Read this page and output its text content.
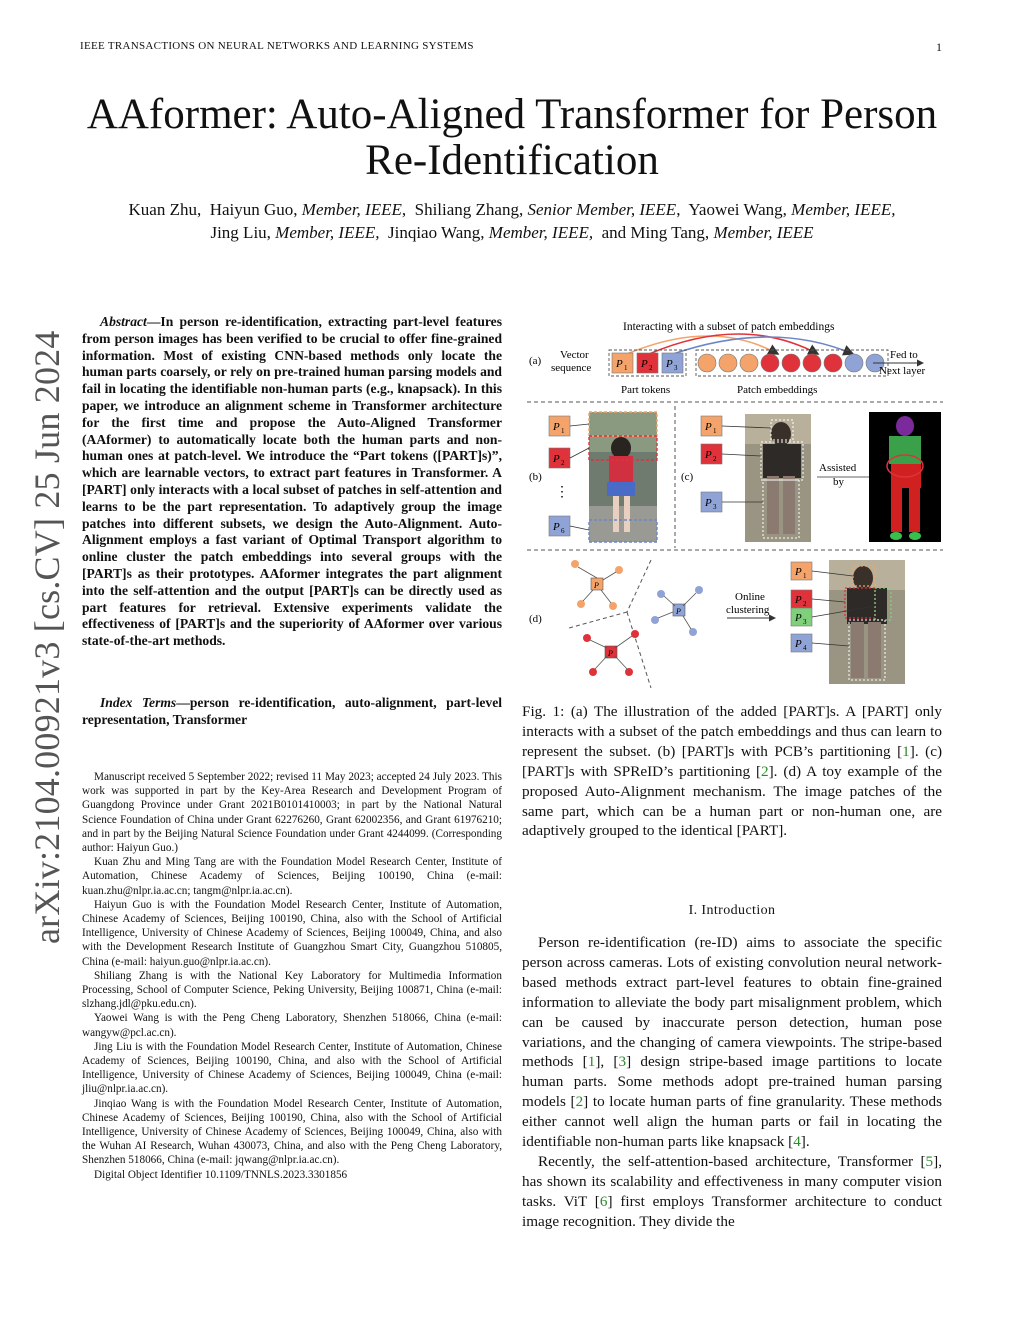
IEEE TRANSACTIONS ON NEURAL NETWORKS AND LEARNING SYSTEMS	1
AAformer: Auto-Aligned Transformer for Person
Re-Identification
Kuan Zhu, Haiyun Guo, Member, IEEE,  Shiliang Zhang, Senior Member, IEEE,  Yaowei Wang, Member, IEEE,
Jing Liu, Member, IEEE, Jinqiao Wang, Member, IEEE, and Ming Tang, Member, IEEE
arXiv:2104.00921v3 [cs.CV] 25 Jun 2024

Abstract—In person re-identification, extracting part-level features from person images has been verified to be crucial to offer fine-grained information. Most of existing CNN-based methods only locate the human parts coarsely, or rely on pre-trained human parsing models and fail in locating the identifiable non-human parts (e.g., knapsack). In this paper, we introduce an alignment scheme in Transformer architecture for the first time and propose the Auto-Aligned Transformer (AAformer) to automatically locate both the human parts and non-human ones at patch-level. We introduce the “Part tokens ([PART]s)”, which are learnable vectors, to extract part features in Transformer. A [PART] only interacts with a local subset of patches in self-attention and learns to be the part representation. To adaptively group the image patches into different subsets, we design the Auto-Alignment. Auto-Alignment employs a fast variant of Optimal Transport algorithm to online cluster the patch embeddings into several groups with the [PART]s as their prototypes. AAformer integrates the part alignment into the self-attention and the output [PART]s can be directly used as part features for retrieval. Extensive experiments validate the effectiveness of [PART]s and the superiority of AAformer over various state-of-the-art methods.

Index Terms—person re-identification, auto-alignment, part-level representation, Transformer

Manuscript received 5 September 2022; revised 11 May 2023; accepted 24 July 2023. This work was supported in part by the Key-Area Research and Development Program of Guangdong Province under Grant 2021B0101410003; in part by the National Natural Science Foundation of China under Grant 62276260, Grant 62002356, and Grant 61976210; and in part by the Beijing Natural Science Foundation under Grant 4244099. (Corresponding author: Haiyun Guo.)

Kuan Zhu and Ming Tang are with the Foundation Model Research Center, Institute of Automation, Chinese Academy of Sciences, Beijing 100190, China (e-mail: kuan.zhu@nlpr.ia.ac.cn; tangm@nlpr.ia.ac.cn).

Haiyun Guo is with the Foundation Model Research Center, Institute of Automation, Chinese Academy of Sciences, Beijing 100190, China, also with the School of Artificial Intelligence, University of Chinese Academy of Sciences, Beijing 100049, China, and also with the Development Research Institute of Guangzhou Smart City, Guangzhou 510805, China (e-mail: haiyun.guo@nlpr.ia.ac.cn).

Shiliang Zhang is with the National Key Laboratory for Multimedia Information Processing, School of Computer Science, Peking University, Beijing 100871, China (e-mail: slzhang.jdl@pku.edu.cn).

Yaowei Wang is with the Peng Cheng Laboratory, Shenzhen 518066, China (e-mail: wangyw@pcl.ac.cn).

Jing Liu is with the Foundation Model Research Center, Institute of Automation, Chinese Academy of Sciences, Beijing 100190, China, and also with the School of Artificial Intelligence, University of Chinese Academy of Sciences, Beijing 100049, China (e-mail: jliu@nlpr.ia.ac.cn).

Jinqiao Wang is with the Foundation Model Research Center, Institute of Automation, Chinese Academy of Sciences, Beijing 100190, China, also with the School of Artificial Intelligence, University of Chinese Academy of Sciences, Beijing 100049, China, also with the Wuhan AI Research, Wuhan 430073, China, and also with the Peng Cheng Laboratory, Shenzhen 518066, China (e-mail: jqwang@nlpr.ia.ac.cn).

Digital Object Identifier 10.1109/TNNLS.2023.3301856

Interacting with a subset of patch embeddings
(a) Vector
sequence P 1 P 2 P 3
Part tokens	Patch embeddings
Fed to
Next layer
(b)
P 1
P 2
⋮
P 6
(c)
P 1
P 2
P 3
Assisted
by
(d)
P
P
P
Online
clustering
P 1
P 2
P 3
P 4
Fig. 1: (a) The illustration of the added [PART]s. A [PART] only interacts with a subset of the patch embeddings and thus can learn to represent the subset. (b) [PART]s with PCB’s partitioning [1]. (c) [PART]s with SPReID’s partitioning [2]. (d) A toy example of the proposed Auto-Alignment mechanism. The image patches of the same part, which can be a human part or non-human one, are adaptively grouped to the identical [PART].
I. Introduction

Person re-identification (re-ID) aims to associate the specific person across cameras. Lots of existing convolution neural network-based methods extract part-level features to obtain fine-grained information to alleviate the body part misalignment problem, which can be caused by inaccurate person detection, human pose variations, and the changing of camera viewpoints. The stripe-based methods [1], [3] design stripe-based image partitions to locate human parts. Some methods adopt pre-trained human parsing models [2] to locate human parts of fine granularity. These methods either cannot well align the human parts or fail in locating the identifiable non-human parts like knapsack [4].

Recently, the self-attention-based architecture, Transformer [5], has shown its scalability and effectiveness in many computer vision tasks. ViT [6] first employs Transformer architecture to conduct image recognition. They divide the
